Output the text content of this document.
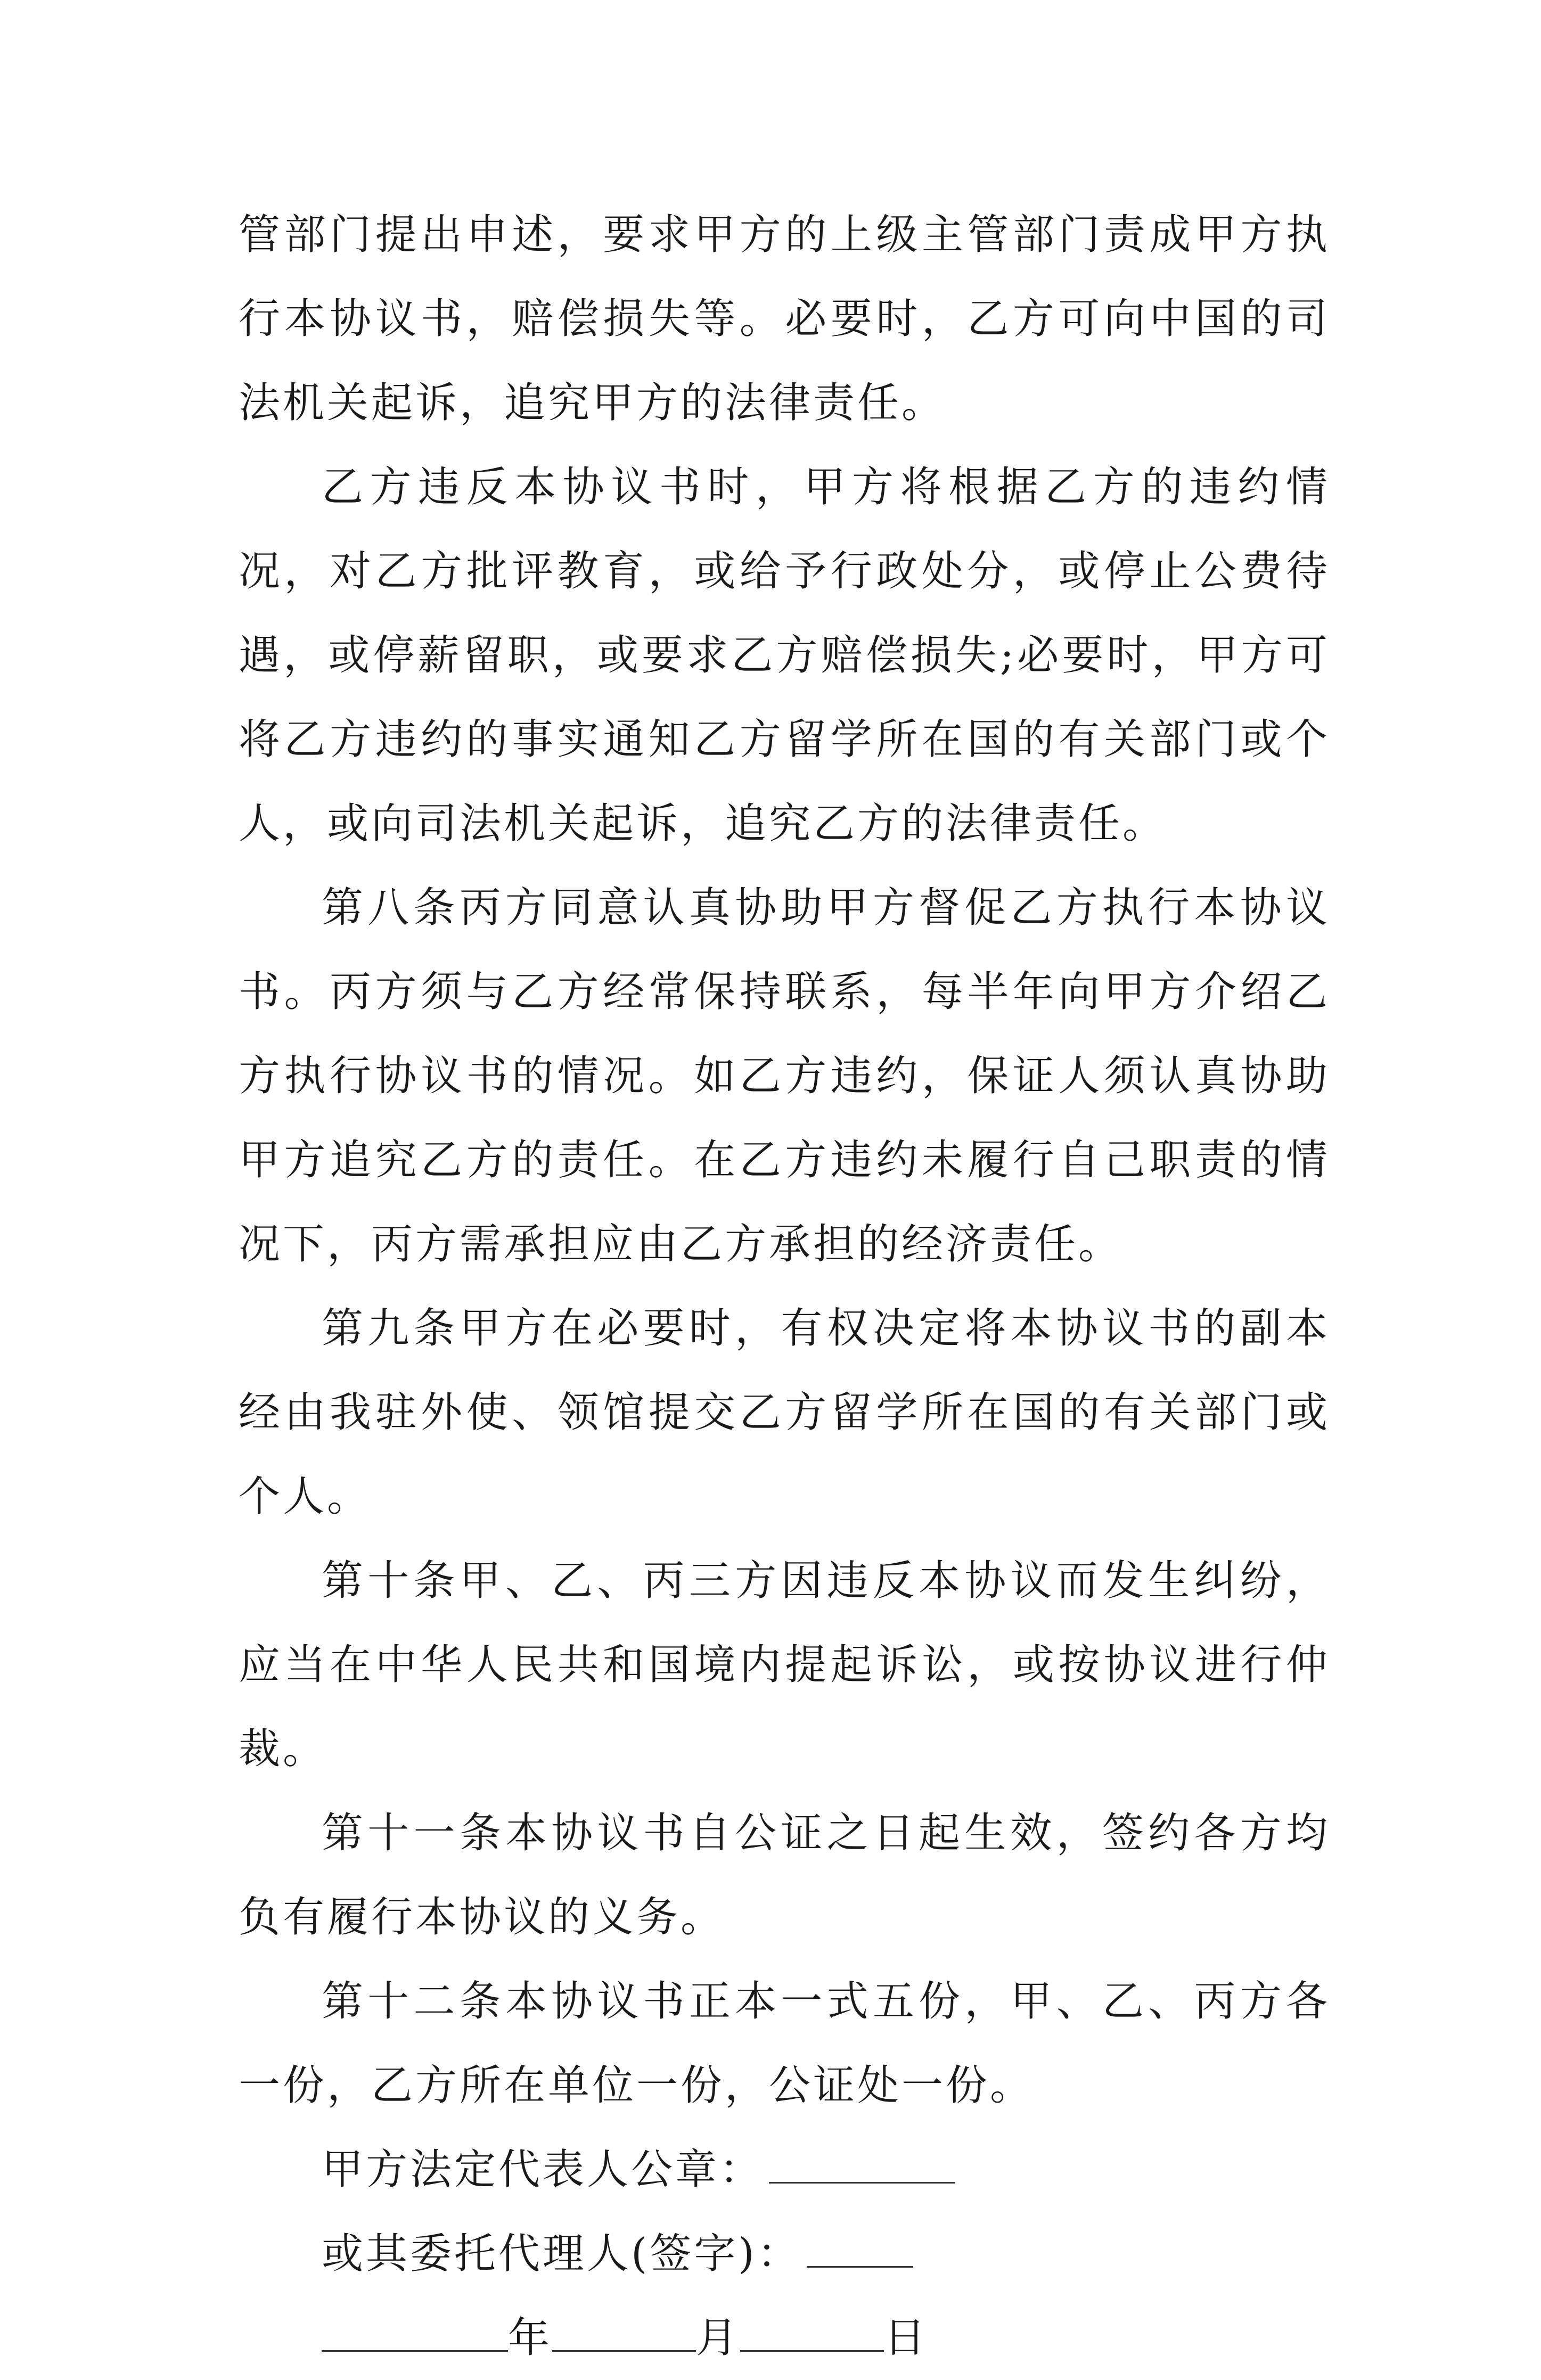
管部门提出申述，要求甲方的上级主管部门责成甲方执行本协议书，赔偿损失等。必要时，乙方可向中国的司法机关起诉，追究甲方的法律责任。

乙方违反本协议书时，甲方将根据乙方的违约情况，对乙方批评教育，或给予行政处分，或停止公费待遇，或停薪留职，或要求乙方赔偿损失;必要时，甲方可将乙方违约的事实通知乙方留学所在国的有关部门或个人，或向司法机关起诉，追究乙方的法律责任。

第八条丙方同意认真协助甲方督促乙方执行本协议书。丙方须与乙方经常保持联系，每半年向甲方介绍乙方执行协议书的情况。如乙方违约，保证人须认真协助甲方追究乙方的责任。在乙方违约未履行自己职责的情况下，丙方需承担应由乙方承担的经济责任。

第九条甲方在必要时，有权决定将本协议书的副本经由我驻外使、领馆提交乙方留学所在国的有关部门或个人。

第十条甲、乙、丙三方因违反本协议而发生纠纷，应当在中华人民共和国境内提起诉讼，或按协议进行仲裁。

第十一条本协议书自公证之日起生效，签约各方均负有履行本协议的义务。

第十二条本协议书正本一式五份，甲、乙、丙方各一份，乙方所在单位一份，公证处一份。

甲方法定代表人公章：

或其委托代理人(签字)：

年	月	日
